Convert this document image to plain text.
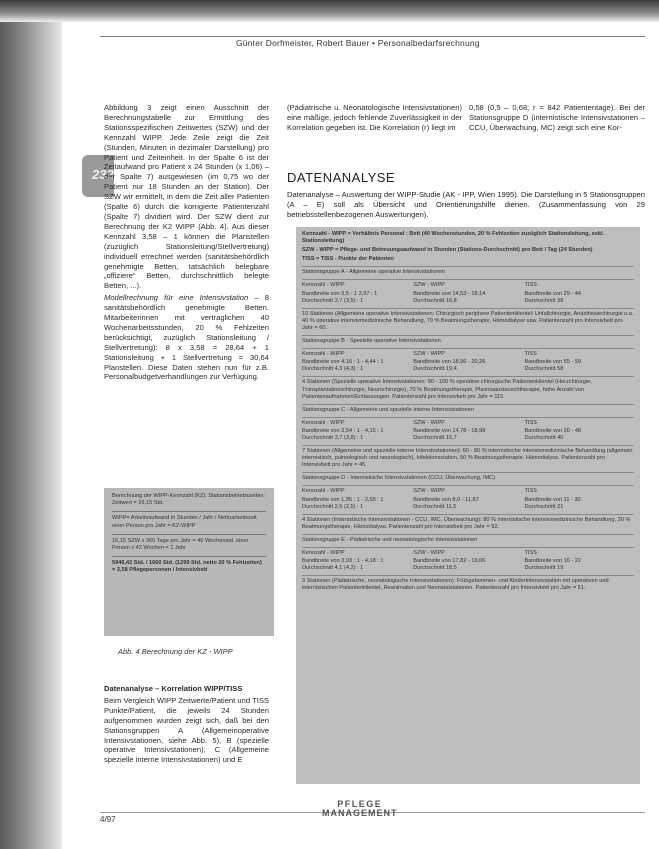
Günter Dorfmeister, Robert Bauer • Personalbedarfsrechnung
232

Abbildung 3 zeigt einen Ausschnitt der Berechnungstabelle zur Ermittlung des Stationsspezifischen Zeitwertes (SZW) und der Kennzahl WIPP. Jede Zeile zeigt die Zeit (Stunden, Minuten in dezimaler Darstellung) pro Patient und Zeiteinheit. In der Spalte 6 ist der Zeitaufwand pro Patient x 24 Stunden (x 1,06) – der Spalte 7) ausgewiesen (im 0,75 wo der Patient nur 18 Stunden an der Station). Der SZW wir ermittelt, in dem die Zeit aller Patienten (Spalte 6) durch die korrigierte Patientenzahl (Spalte 7) dividiert wird. Der SZW dient zur Berechnung der K2 WIPP (Abb. 4). Aus dieser Kennzahl 3,58 – 1 können die Planstellen (zuzüglich Stationsleitung/Stellvertretung) individuell errechnet werden (sanitätsbehördlich genehmigte Betten, tatsächlich belegbare „offiziere“ Betten, durchschnittlich belegte Betten, ...).

Modellrechnung für eine Intensivstation – 8 sanitätsbehördlich genehmigte Betten. Mitarbeiterinnen mit vertraglichen 40 Wochenarbeitsstunden, 20 % Fehlzeiten berücksichtigt, zuzüglich Stationsleitung / Stellvertretung): 8 x 3,58 = 28,64 + 1 Stationsleitung + 1 Stellvertretung = 30,64 Planstellen. Diese Daten stehen nun für z.B. Personalbudgetverhandlungen zur Verfügung.

Berechnung der WIPP-Kennzahl (KZ): Stationsbetriebszeiten: Zeitwert = 16,15 Std.

WIPP= Arbeitsaufwand in Stunden / Jahr / Nettoarbeitszeit einer Person pro Jahr = KZ-WIPP

16,15 SZW x 365 Tage pro Jahr = 40 Wochenstd. einer Person x 42 Wochen = 1 Jahr

5946,42 Std. / 1660 Std. (1299 Std. netto 20 % Fehlzeiten) = 3,58 Pflegepersonen / Intensivbett

Abb. 4 Berechnung der KZ - WIPP

Datenanalyse – Korrelation WIPP/TISS

Beim Vergleich WIPP Zeitwerte/Patient und TISS Punkte/Patient, die jeweils 24 Stunden aufgenommen wurden zeigt sich, daß bei den Stationsgruppen A (Allgemeinoperative Intensivstationen, siehe Abb. 5), B (spezielle operative Intensivstationen), C (Allgemeine spezielle interne Intensivstationen) und E

(Pädiatrische u. Neonatologische Intensivstationen) eine mäßige, jedoch fehlende Zuverlässigkeit in der Korrelation gegeben ist. Die Korrelation (r) liegt im

0,58 (0,5 – 0,68; r = 842 Patiententage). Bei der Stationsgruppe D (internistische Intensivstationen – CCU, Überwachung, MC) zeigt sich eine Kor-

DATENANALYSE
Datenanalyse – Auswertung der WIPP-Studie (AK - IPP, Wien 1995). Die Darstellung in 5 Stationsgruppen (A – E) soll als Übersicht und Orientierungshilfe dienen. (Zusammenfassung von 29 betriebsstellenbezogenen Auswertungen).

Kennzahl - WIPP = Verhältnis Personal : Bett (40 Wochenstunden, 20 % Fehlzeiten zuzüglich Stationsleitung, exkl. Stationsleitung)

SZW - WIPP = Pflege- und Betreuungsaufwand in Stunden (Stations-Durchschnitt) pro Bett / Tag (24 Stunden)

TISS = TISS - Punkte der Patienten

Stationsgruppe A - Allgemeine operative Intensivstationen

Kennzahl - WIPP	SZW - WIPP	TISS
Bandbreite von 3,5 - 1 3,97 : 1	Bandbreite von 14,53 - 18,14	Bandbreite von 29 - 44
Durchschnitt 3,7 (3,5) : 1	Durchschnitt 16,8	Durchschnitt 38

10 Stationen (Allgemeine operative Intensivstationen: Chirurgisch periphere Patientenklientel: Unfallchirurgie, Anästhesiechirurgie u.a. 40 % operative intensivmedizinische Behandlung, 70 % Beatmungstherapie, Hämodialyse usw. Patientenzahl pro Intensivbett pro Jahr = 60.

Stationsgruppe B - Spezielle operative Intensivstationen

Kennzahl - WIPP	SZW - WIPP	TISS
Bandbreite von 4,16 : 1 - 4,44 : 1	Bandbreite von 18,96 - 20,26	Bandbreite von 55 - 59
Durchschnitt 4,3 (4,3) : 1	Durchschnitt 19,4	Durchschnitt 58

4 Stationen (Spezielle operative Intensivstationen: 90 - 100 % operative chirurgische Patientenklientel (Herzchirurgie, Transplantationschirurgie, Neurochirurgie), 70 % Beatmungstherapie, Plasmaaustauschtherapie, hohe Anzahl von Patientenaufnahmen/Entlassungen. Patientenzahl pro Intensivbett pro Jahr = 115.

Stationsgruppe C - Allgemeine und spezielle interne Intensivstationen

Kennzahl - WIPP	SZW - WIPP	TISS
Bandbreite von 3,54 : 1 - 4,15 : 1	Bandbreite von 14,78 - 18,98	Bandbreite von 30 - 48
Durchschnitt 3,7 (3,8) : 1	Durchschnitt 16,7	Durchschnitt 40

7 Stationen (Allgemeine und spezielle interne Intensivstationen): 60 - 80 % internistische intensivmedizinische Behandlung (allgemein internistisch, pulmologisch und neurologisch), Infektionsstation, 50 % Beatmungstherapie. Hämodialyse. Patientenzahl pro Intensivbett pro Jahr = 45.

Stationsgruppe D - Internistische Intensivstationen (CCU, Überwachung, IMC)

Kennzahl - WIPP	SZW - WIPP	TISS
Bandbreite von 1,85 : 1 - 2,55 : 1	Bandbreite von 8,0 - 11,87	Bandbreite von 11 - 30
Durchschnitt 2,5 (2,5) : 1	Durchschnitt 11,5	Durchschnitt 21

4 Stationen (Internistische Intensivstationen - CCU, IMC, Überwachung): 80 % internistische intensivmedizinische Behandlung, 30 % Beatmungstherapie, Hämodialyse. Patientenzahl pro Intensivbett pro Jahr = 92.

Stationsgruppe E - Pädiatrische und neonatologische Intensivstationen

Kennzahl - WIPP	SZW - WIPP	TISS
Bandbreite von 3,93 : 1 - 4,18 : 1	Bandbreite von 17,82 - 19,06	Bandbreite von 16 - 22
Durchschnitt 4,1 (4,2) : 1	Durchschnitt 18,5	Durchschnitt 19

3 Stationen (Pädiatrische, neonatologische Intensivstationen): Frühgeborenen- und Kinderintensivstation mit operativen und internistischen Patientenklientel, Reanimation und Neonatalstationen. Patientenzahl pro Intensivbett pro Jahr = 51.

4/97
PFLEGE
MANAGEMENT
